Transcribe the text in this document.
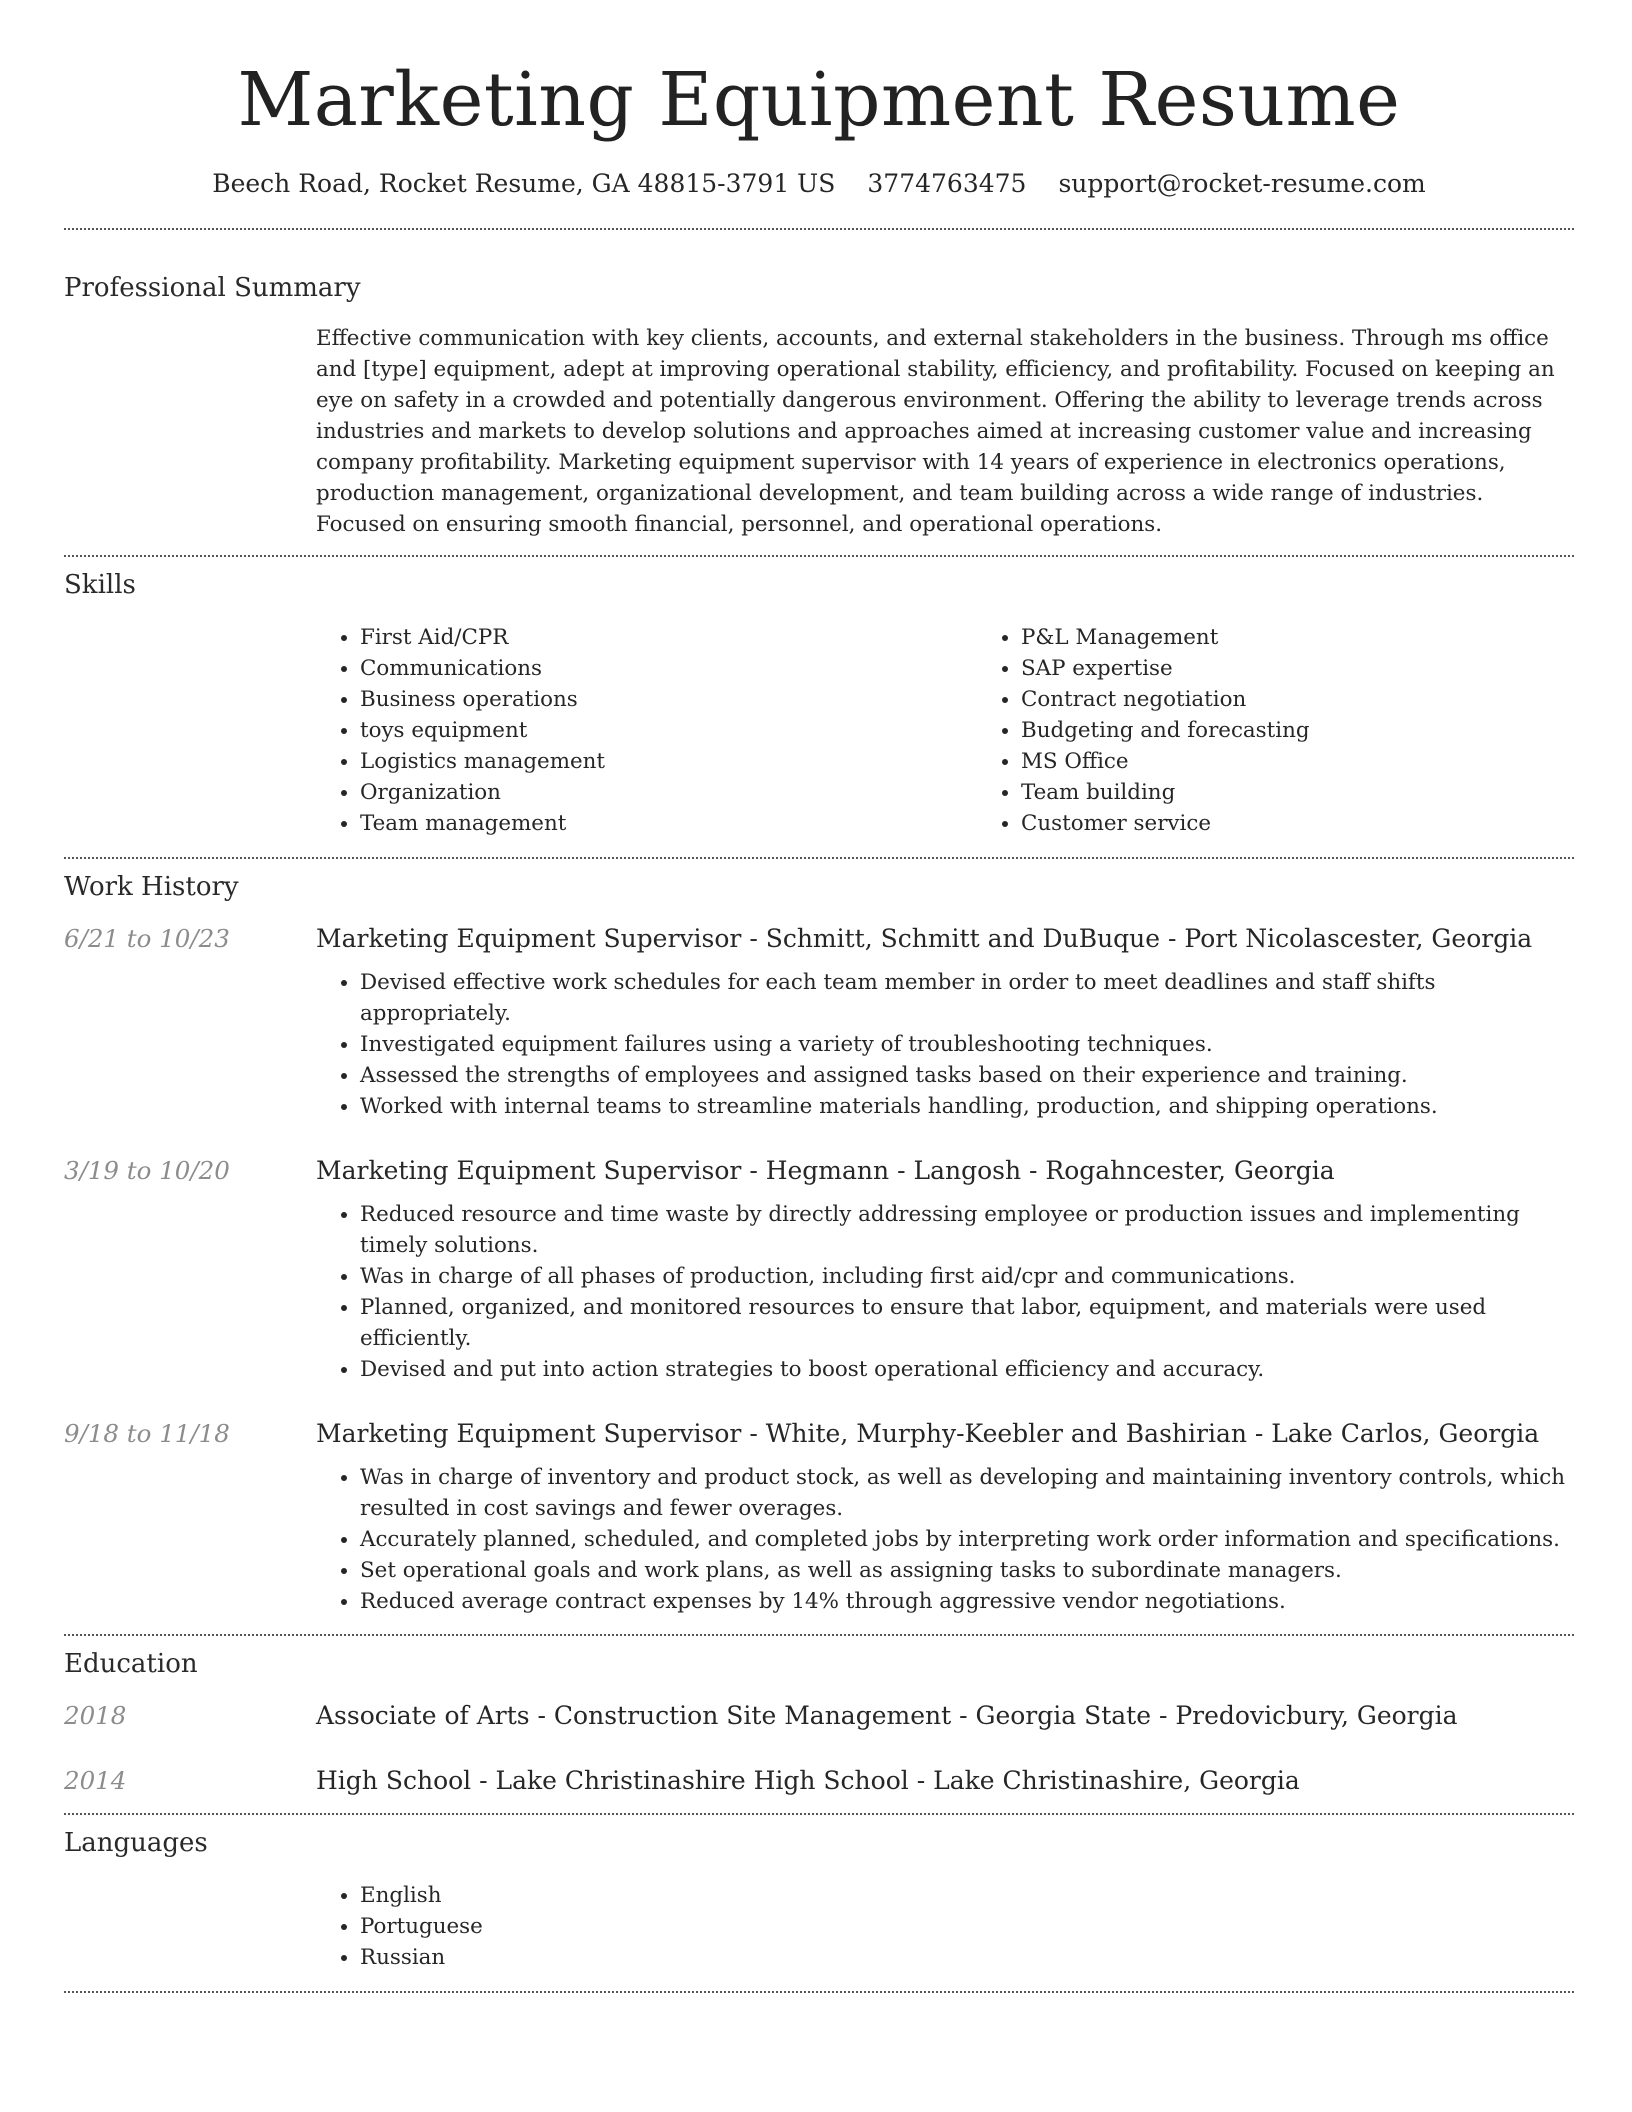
Marketing Equipment Resume
Beech Road, Rocket Resume, GA 48815-3791 US 3774763475 support@rocket-resume.com
Professional Summary

Effective communication with key clients, accounts, and external stakeholders in the business. Through ms office and [type] equipment, adept at improving operational stability, efficiency, and profitability. Focused on keeping an eye on safety in a crowded and potentially dangerous environment. Offering the ability to leverage trends across industries and markets to develop solutions and approaches aimed at increasing customer value and increasing company profitability. Marketing equipment supervisor with 14 years of experience in electronics operations, production management, organizational development, and team building across a wide range of industries. Focused on ensuring smooth financial, personnel, and operational operations.

Skills
• First Aid/CPR
• Communications
• Business operations
• toys equipment
• Logistics management
• Organization
• Team management
• P&L Management
• SAP expertise
• Contract negotiation
• Budgeting and forecasting
• MS Office
• Team building
• Customer service
Work History
6/21 to 10/23	Marketing Equipment Supervisor - Schmitt, Schmitt and DuBuque - Port Nicolascester, Georgia
• Devised effective work schedules for each team member in order to meet deadlines and staff shifts appropriately.
• Investigated equipment failures using a variety of troubleshooting techniques.
• Assessed the strengths of employees and assigned tasks based on their experience and training.
• Worked with internal teams to streamline materials handling, production, and shipping operations.
3/19 to 10/20	Marketing Equipment Supervisor - Hegmann - Langosh - Rogahncester, Georgia
• Reduced resource and time waste by directly addressing employee or production issues and implementing timely solutions.
• Was in charge of all phases of production, including first aid/cpr and communications.
• Planned, organized, and monitored resources to ensure that labor, equipment, and materials were used efficiently.
• Devised and put into action strategies to boost operational efficiency and accuracy.
9/18 to 11/18	Marketing Equipment Supervisor - White, Murphy-Keebler and Bashirian - Lake Carlos, Georgia
• Was in charge of inventory and product stock, as well as developing and maintaining inventory controls, which resulted in cost savings and fewer overages.
• Accurately planned, scheduled, and completed jobs by interpreting work order information and specifications.
• Set operational goals and work plans, as well as assigning tasks to subordinate managers.
• Reduced average contract expenses by 14% through aggressive vendor negotiations.
Education
2018	Associate of Arts - Construction Site Management - Georgia State - Predovicbury, Georgia
2014	High School - Lake Christinashire High School - Lake Christinashire, Georgia
Languages
• English
• Portuguese
• Russian
